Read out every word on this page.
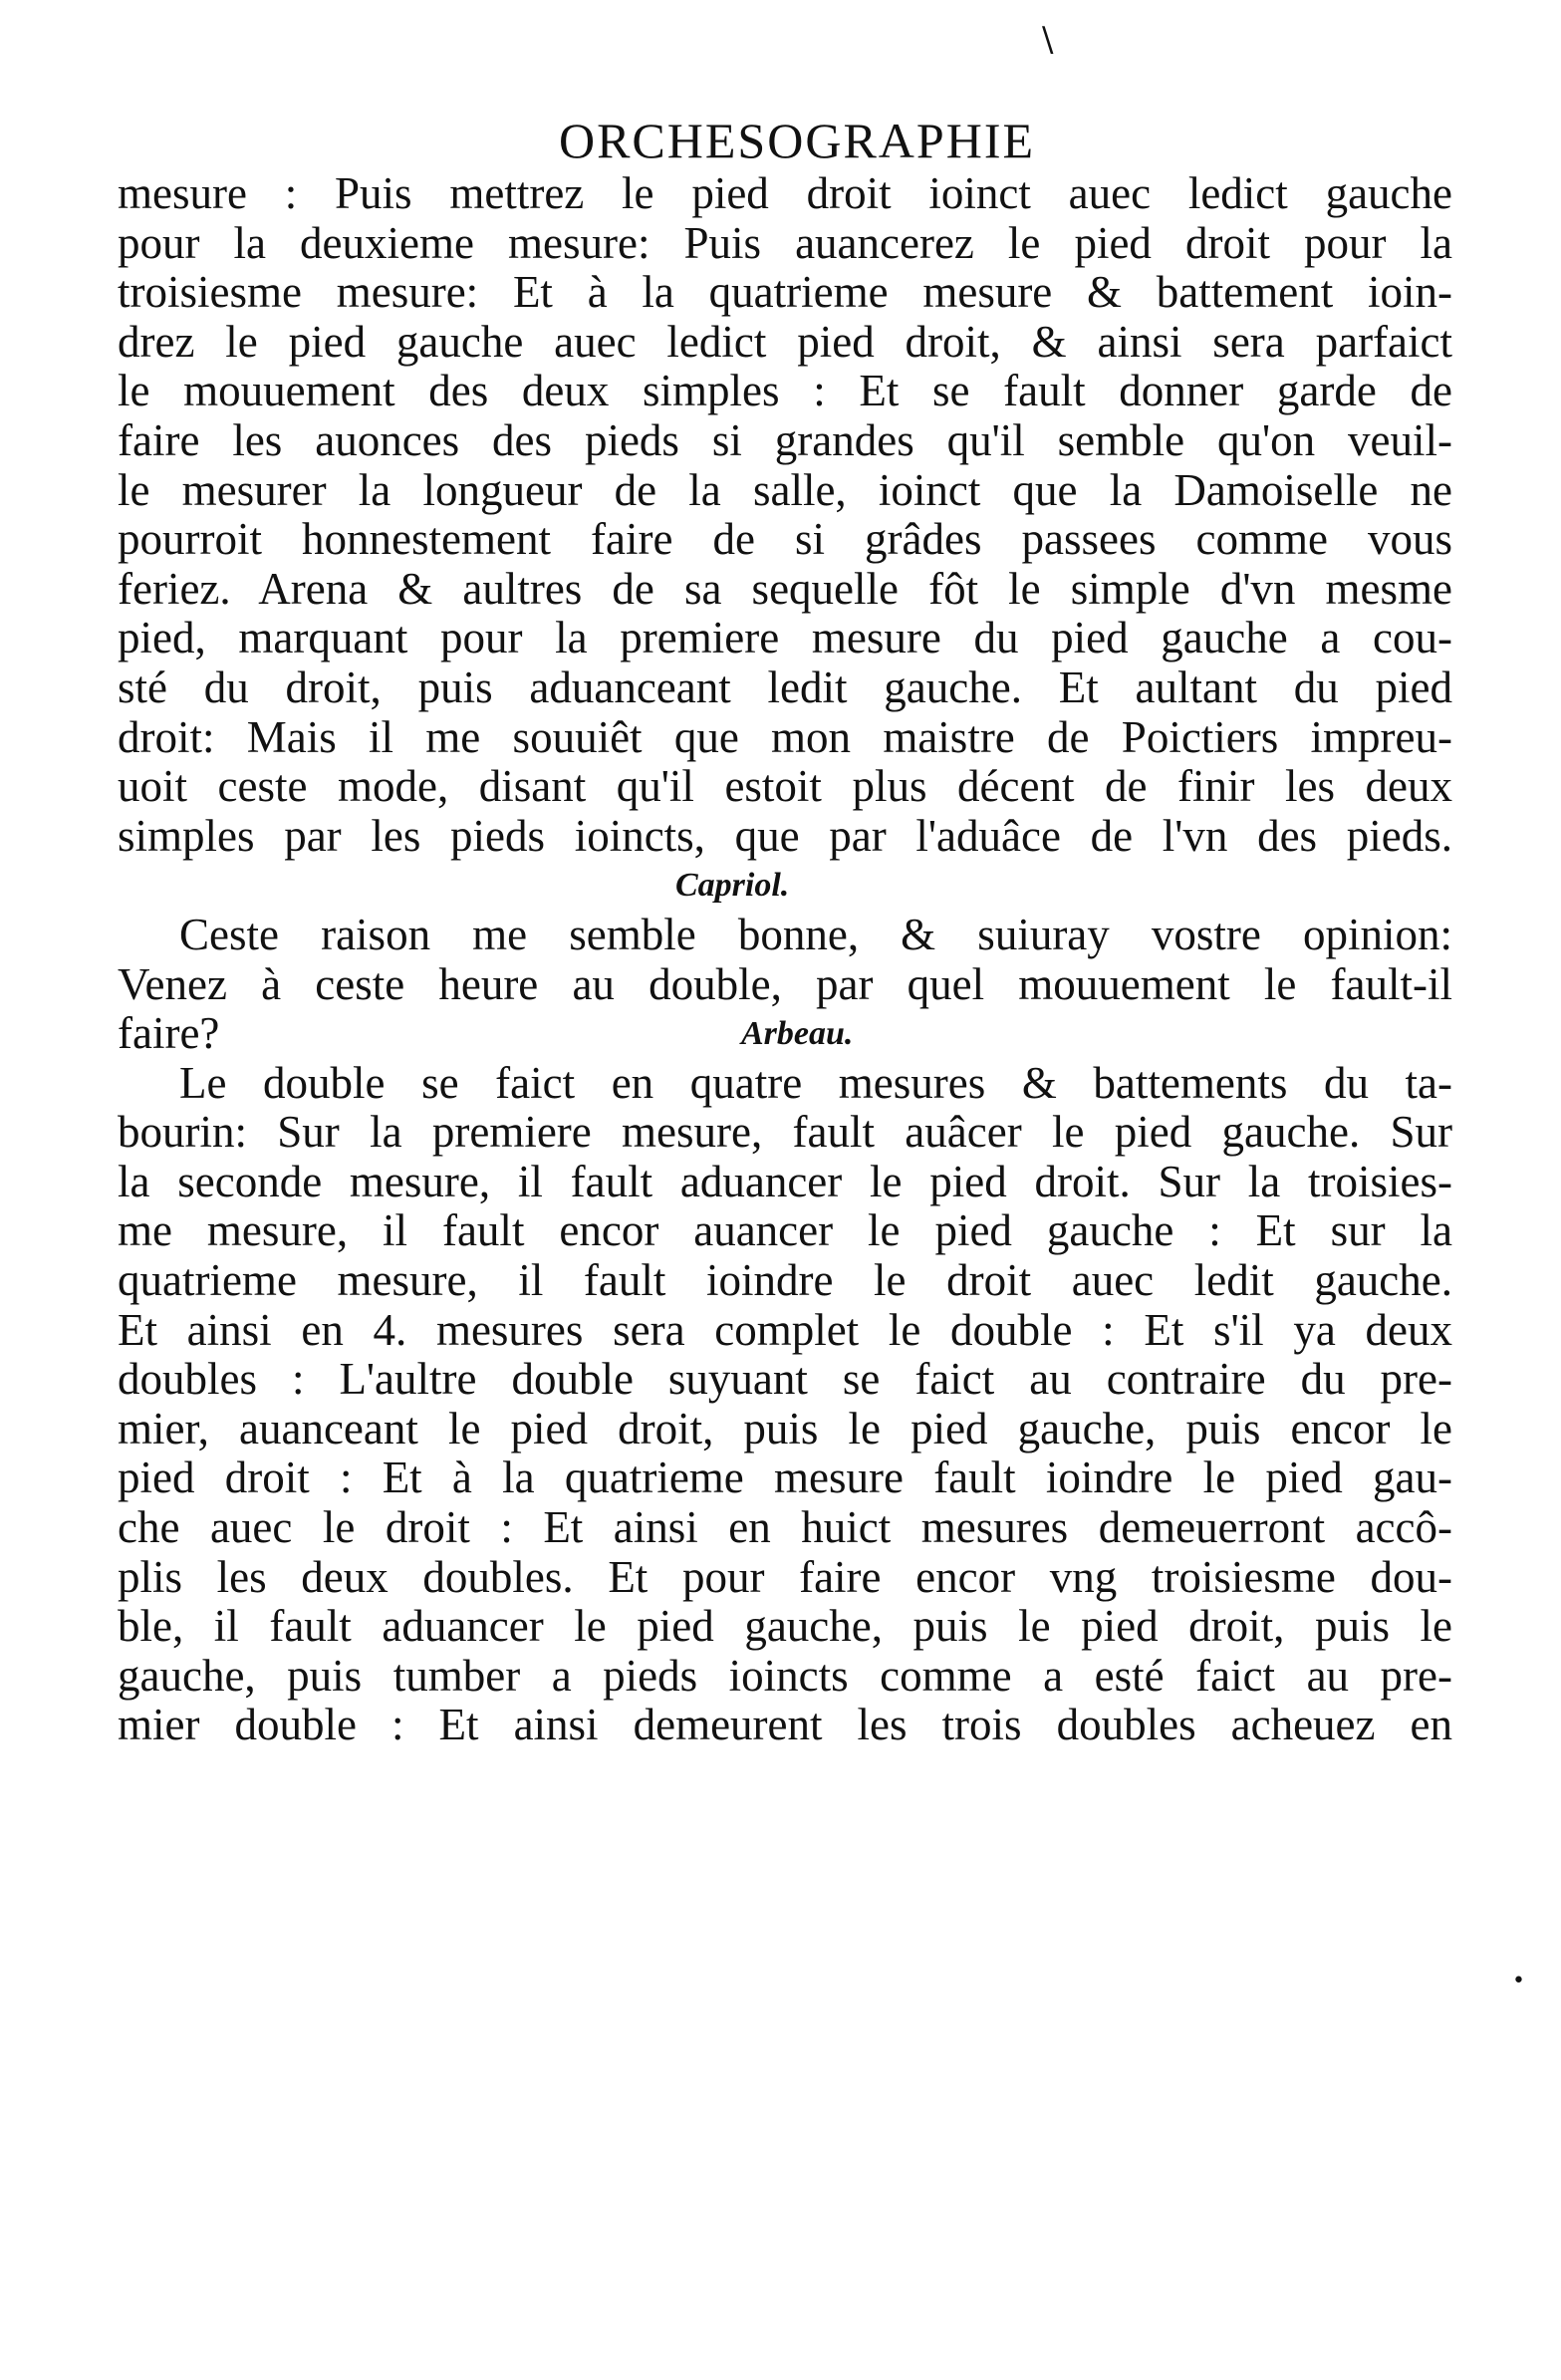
\
ORCHESOGRAPHIE
mesure : Puis mettrez le pied droit ioinct auec ledict gauche
pour la deuxieme mesure: Puis auancerez le pied droit pour la
troisiesme mesure: Et à la quatrieme mesure & battement ioin-
drez le pied gauche auec ledict pied droit, & ainsi sera parfaict
le mouuement des deux simples : Et se fault donner garde de
faire les auonces des pieds si grandes qu'il semble qu'on veuil-
le mesurer la longueur de la salle, ioinct que la Damoiselle ne
pourroit honnestement faire de si grâdes passees comme vous
feriez. Arena & aultres de sa sequelle fôt le simple d'vn mesme
pied, marquant pour la premiere mesure du pied gauche a cou-
sté du droit, puis aduanceant ledit gauche. Et aultant du pied
droit: Mais il me souuiêt que mon maistre de Poictiers impreu-
uoit ceste mode, disant qu'il estoit plus décent de finir les deux
simples par les pieds ioincts, que par l'aduâce de l'vn des pieds.
Capriol.
Ceste raison me semble bonne, & suiuray vostre opinion:
Venez à ceste heure au double, par quel mouuement le fault-il
faire?	Arbeau.
Le double se faict en quatre mesures & battements du ta-
bourin: Sur la premiere mesure, fault auâcer le pied gauche. Sur
la seconde mesure, il fault aduancer le pied droit. Sur la troisies-
me mesure, il fault encor auancer le pied gauche : Et sur la
quatrieme mesure, il fault ioindre le droit auec ledit gauche.
Et ainsi en 4. mesures sera complet le double : Et s'il ya deux
doubles : L'aultre double suyuant se faict au contraire du pre-
mier, auanceant le pied droit, puis le pied gauche, puis encor le
pied droit : Et à la quatrieme mesure fault ioindre le pied gau-
che auec le droit : Et ainsi en huict mesures demeuerront accô-
plis les deux doubles. Et pour faire encor vng troisiesme dou-
ble, il fault aduancer le pied gauche, puis le pied droit, puis le
gauche, puis tumber a pieds ioincts comme a esté faict au pre-
mier double : Et ainsi demeurent les trois doubles acheuez en
•
